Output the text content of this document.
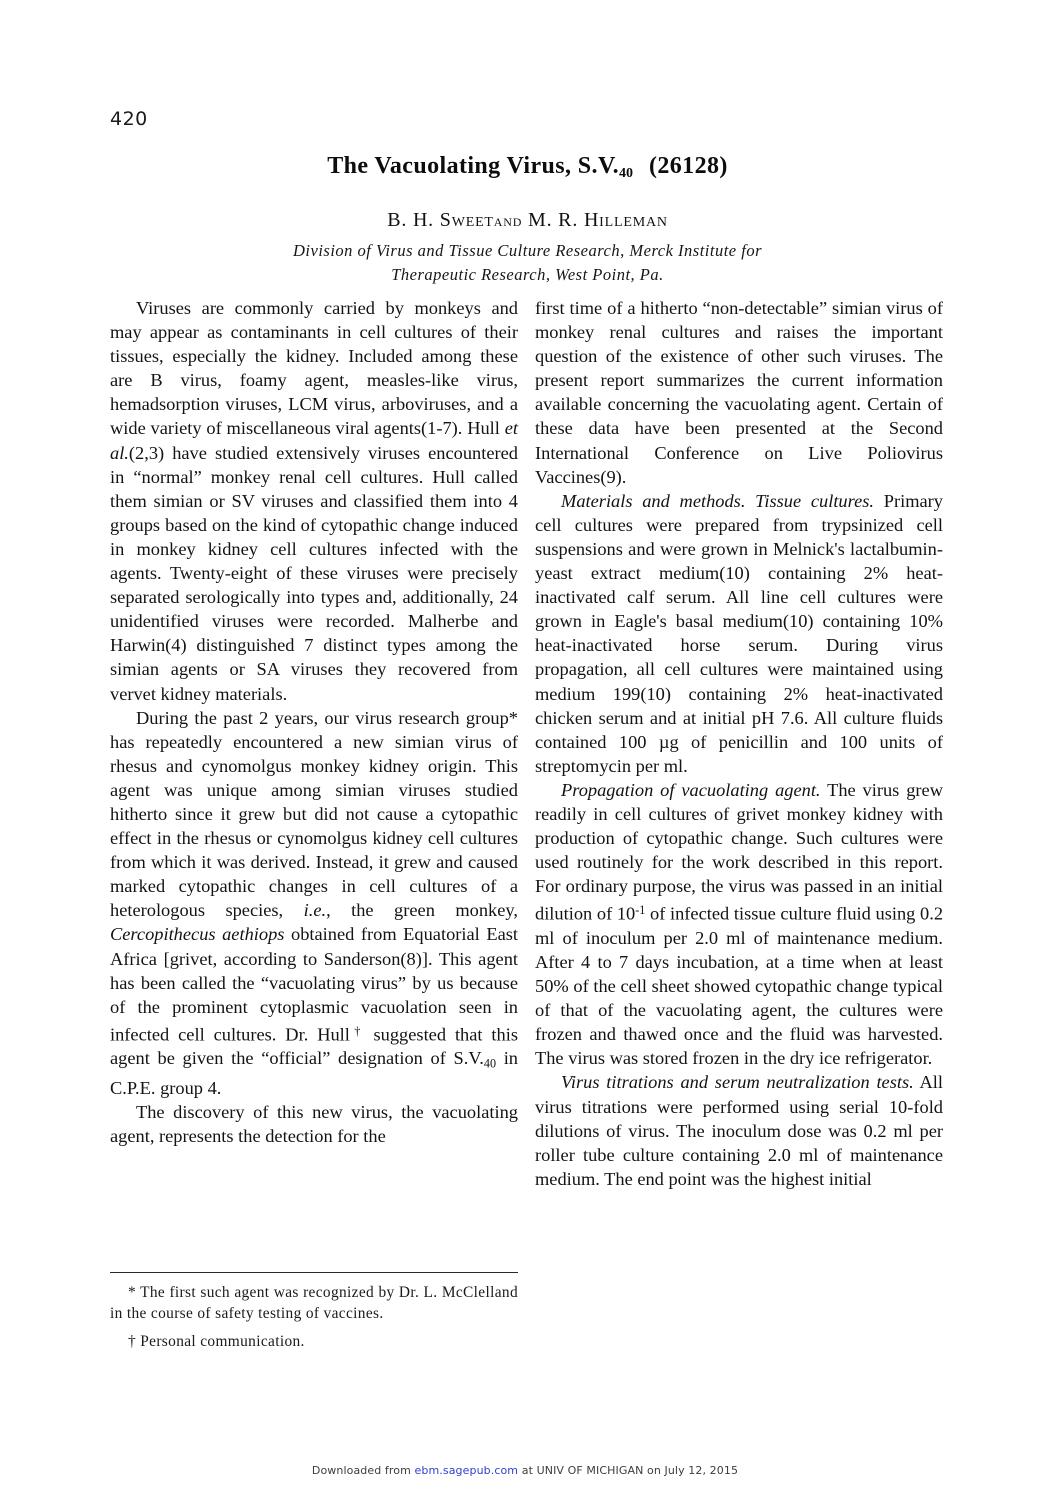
420
The Vacuolating Virus, $S.V._{40}$ (26128)
B. H. Sweetand M. R. Hilleman
Division of Virus and Tissue Culture Research, Merck Institute for
Therapeutic Research, West Point, Pa.

Viruses are commonly carried by monkeys and may appear as contaminants in cell cultures of their tissues, especially the kidney. Included among these are B virus, foamy agent, measles-like virus, hemadsorption viruses, LCM virus, arboviruses, and a wide variety of miscellaneous viral agents(1-7). Hull et al.(2,3) have studied extensively viruses encountered in “normal” monkey renal cell cultures. Hull called them simian or SV viruses and classified them into 4 groups based on the kind of cytopathic change induced in monkey kidney cell cultures infected with the agents. Twenty-eight of these viruses were precisely separated serologically into types and, additionally, 24 unidentified viruses were recorded. Malherbe and Harwin(4) distinguished 7 distinct types among the simian agents or SA viruses they recovered from vervet kidney materials.

During the past 2 years, our virus research group* has repeatedly encountered a new simian virus of rhesus and cynomolgus monkey kidney origin. This agent was unique among simian viruses studied hitherto since it grew but did not cause a cytopathic effect in the rhesus or cynomolgus kidney cell cultures from which it was derived. Instead, it grew and caused marked cytopathic changes in cell cultures of a heterologous species, i.e., the green monkey, Cercopithecus aethiops obtained from Equatorial East Africa [grivet, according to Sanderson(8)]. This agent has been called the “vacuolating virus” by us because of the prominent cytoplasmic vacuolation seen in infected cell cultures. Dr. Hull† suggested that this agent be given the “official” designation of $S.V._{40}$ in C.P.E. group 4.

The discovery of this new virus, the vacuolating agent, represents the detection for the

first time of a hitherto “non-detectable” simian virus of monkey renal cultures and raises the important question of the existence of other such viruses. The present report summarizes the current information available concerning the vacuolating agent. Certain of these data have been presented at the Second International Conference on Live Poliovirus Vaccines(9).

Materials and methods. Tissue cultures. Primary cell cultures were prepared from trypsinized cell suspensions and were grown in Melnick's lactalbumin-yeast extract medium(10) containing 2% heat-inactivated calf serum. All line cell cultures were grown in Eagle's basal medium(10) containing 10% heat-inactivated horse serum. During virus propagation, all cell cultures were maintained using medium 199(10) containing 2% heat-inactivated chicken serum and at initial pH 7.6. All culture fluids contained 100 µg of penicillin and 100 units of streptomycin per ml.

Propagation of vacuolating agent. The virus grew readily in cell cultures of grivet monkey kidney with production of cytopathic change. Such cultures were used routinely for the work described in this report. For ordinary purpose, the virus was passed in an initial dilution of $10^{-1}$ of infected tissue culture fluid using 0.2 ml of inoculum per 2.0 ml of maintenance medium. After 4 to 7 days incubation, at a time when at least 50% of the cell sheet showed cytopathic change typical of that of the vacuolating agent, the cultures were frozen and thawed once and the fluid was harvested. The virus was stored frozen in the dry ice refrigerator.

Virus titrations and serum neutralization tests. All virus titrations were performed using serial 10-fold dilutions of virus. The inoculum dose was 0.2 ml per roller tube culture containing 2.0 ml of maintenance medium. The end point was the highest initial

* The first such agent was recognized by Dr. L. McClelland in the course of safety testing of vaccines.

† Personal communication.

Downloaded from ebm.sagepub.com at UNIV OF MICHIGAN on July 12, 2015
